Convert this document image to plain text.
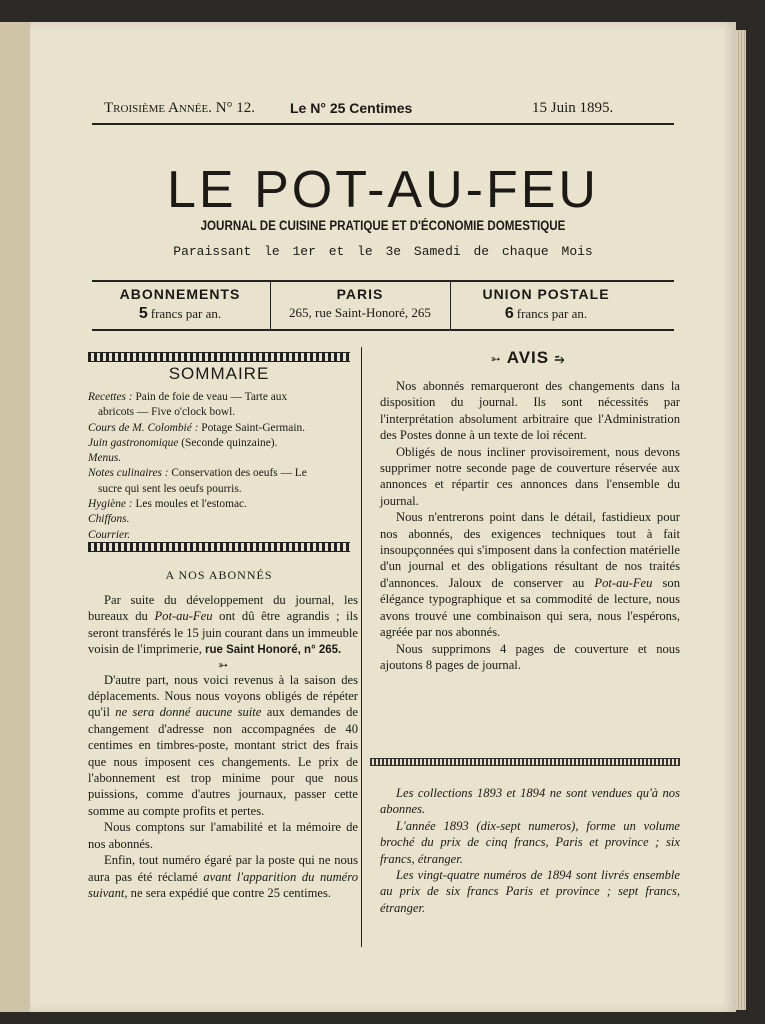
Troisième Année. N° 12. Le N° 25 Centimes	15 Juin 1895.
LE POT-AU-FEU
JOURNAL DE CUISINE PRATIQUE ET D'ÉCONOMIE DOMESTIQUE
Paraissant le 1er et le 3e Samedi de chaque Mois
ABONNEMENTS
5 francs par an.
PARIS
265, rue Saint-Honoré, 265
UNION POSTALE
6 francs par an.
SOMMAIRE

Recettes : Pain de foie de veau — Tarte aux

abricots — Five o'clock bowl.

Cours de M. Colombié : Potage Saint-Germain.

Juin gastronomique (Seconde quinzaine).

Menus.

Notes culinaires : Conservation des oeufs — Le

sucre qui sent les oeufs pourris.

Hygiène : Les moules et l'estomac.

Chiffons.

Courrier.

A NOS ABONNÉS

Par suite du développement du journal, les bureaux du Pot-au-Feu ont dû être agrandis ; ils seront transférés le 15 juin courant dans un immeuble voisin de l'imprimerie, rue Saint Honoré, n° 265.

➳

D'autre part, nous voici revenus à la saison des déplacements. Nous nous voyons obligés de répéter qu'il ne sera donné aucune suite aux demandes de changement d'adresse non accompagnées de 40 centimes en timbres-poste, montant strict des frais que nous imposent ces changements. Le prix de l'abonnement est trop minime pour que nous puissions, comme d'autres journaux, passer cette somme au compte profits et pertes.

Nous comptons sur l'amabilité et la mémoire de nos abonnés.

Enfin, tout numéro égaré par la poste qui ne nous aura pas été réclamé avant l'apparition du numéro suivant, ne sera expédié que contre 25 centimes.

➳ AVIS ⥲

Nos abonnés remarqueront des changements dans la disposition du journal. Ils sont nécessités par l'interprétation absolument arbitraire que l'Administration des Postes donne à un texte de loi récent.

Obligés de nous incliner provisoirement, nous devons supprimer notre seconde page de couverture réservée aux annonces et répartir ces annonces dans l'ensemble du journal.

Nous n'entrerons point dans le détail, fastidieux pour nos abonnés, des exigences techniques tout à fait insoupçonnées qui s'imposent dans la confection matérielle d'un journal et des obligations résultant de nos traités d'annonces. Jaloux de conserver au Pot-au-Feu son élégance typographique et sa commodité de lecture, nous avons trouvé une combinaison qui sera, nous l'espérons, agréée par nos abonnés.

Nous supprimons 4 pages de couverture et nous ajoutons 8 pages de journal.

Les collections 1893 et 1894 ne sont vendues qu'à nos abonnes.

L'année 1893 (dix-sept numeros), forme un volume broché du prix de cinq francs, Paris et province ; six francs, étranger.

Les vingt-quatre numéros de 1894 sont livrés ensemble au prix de six francs Paris et province ; sept francs, étranger.
